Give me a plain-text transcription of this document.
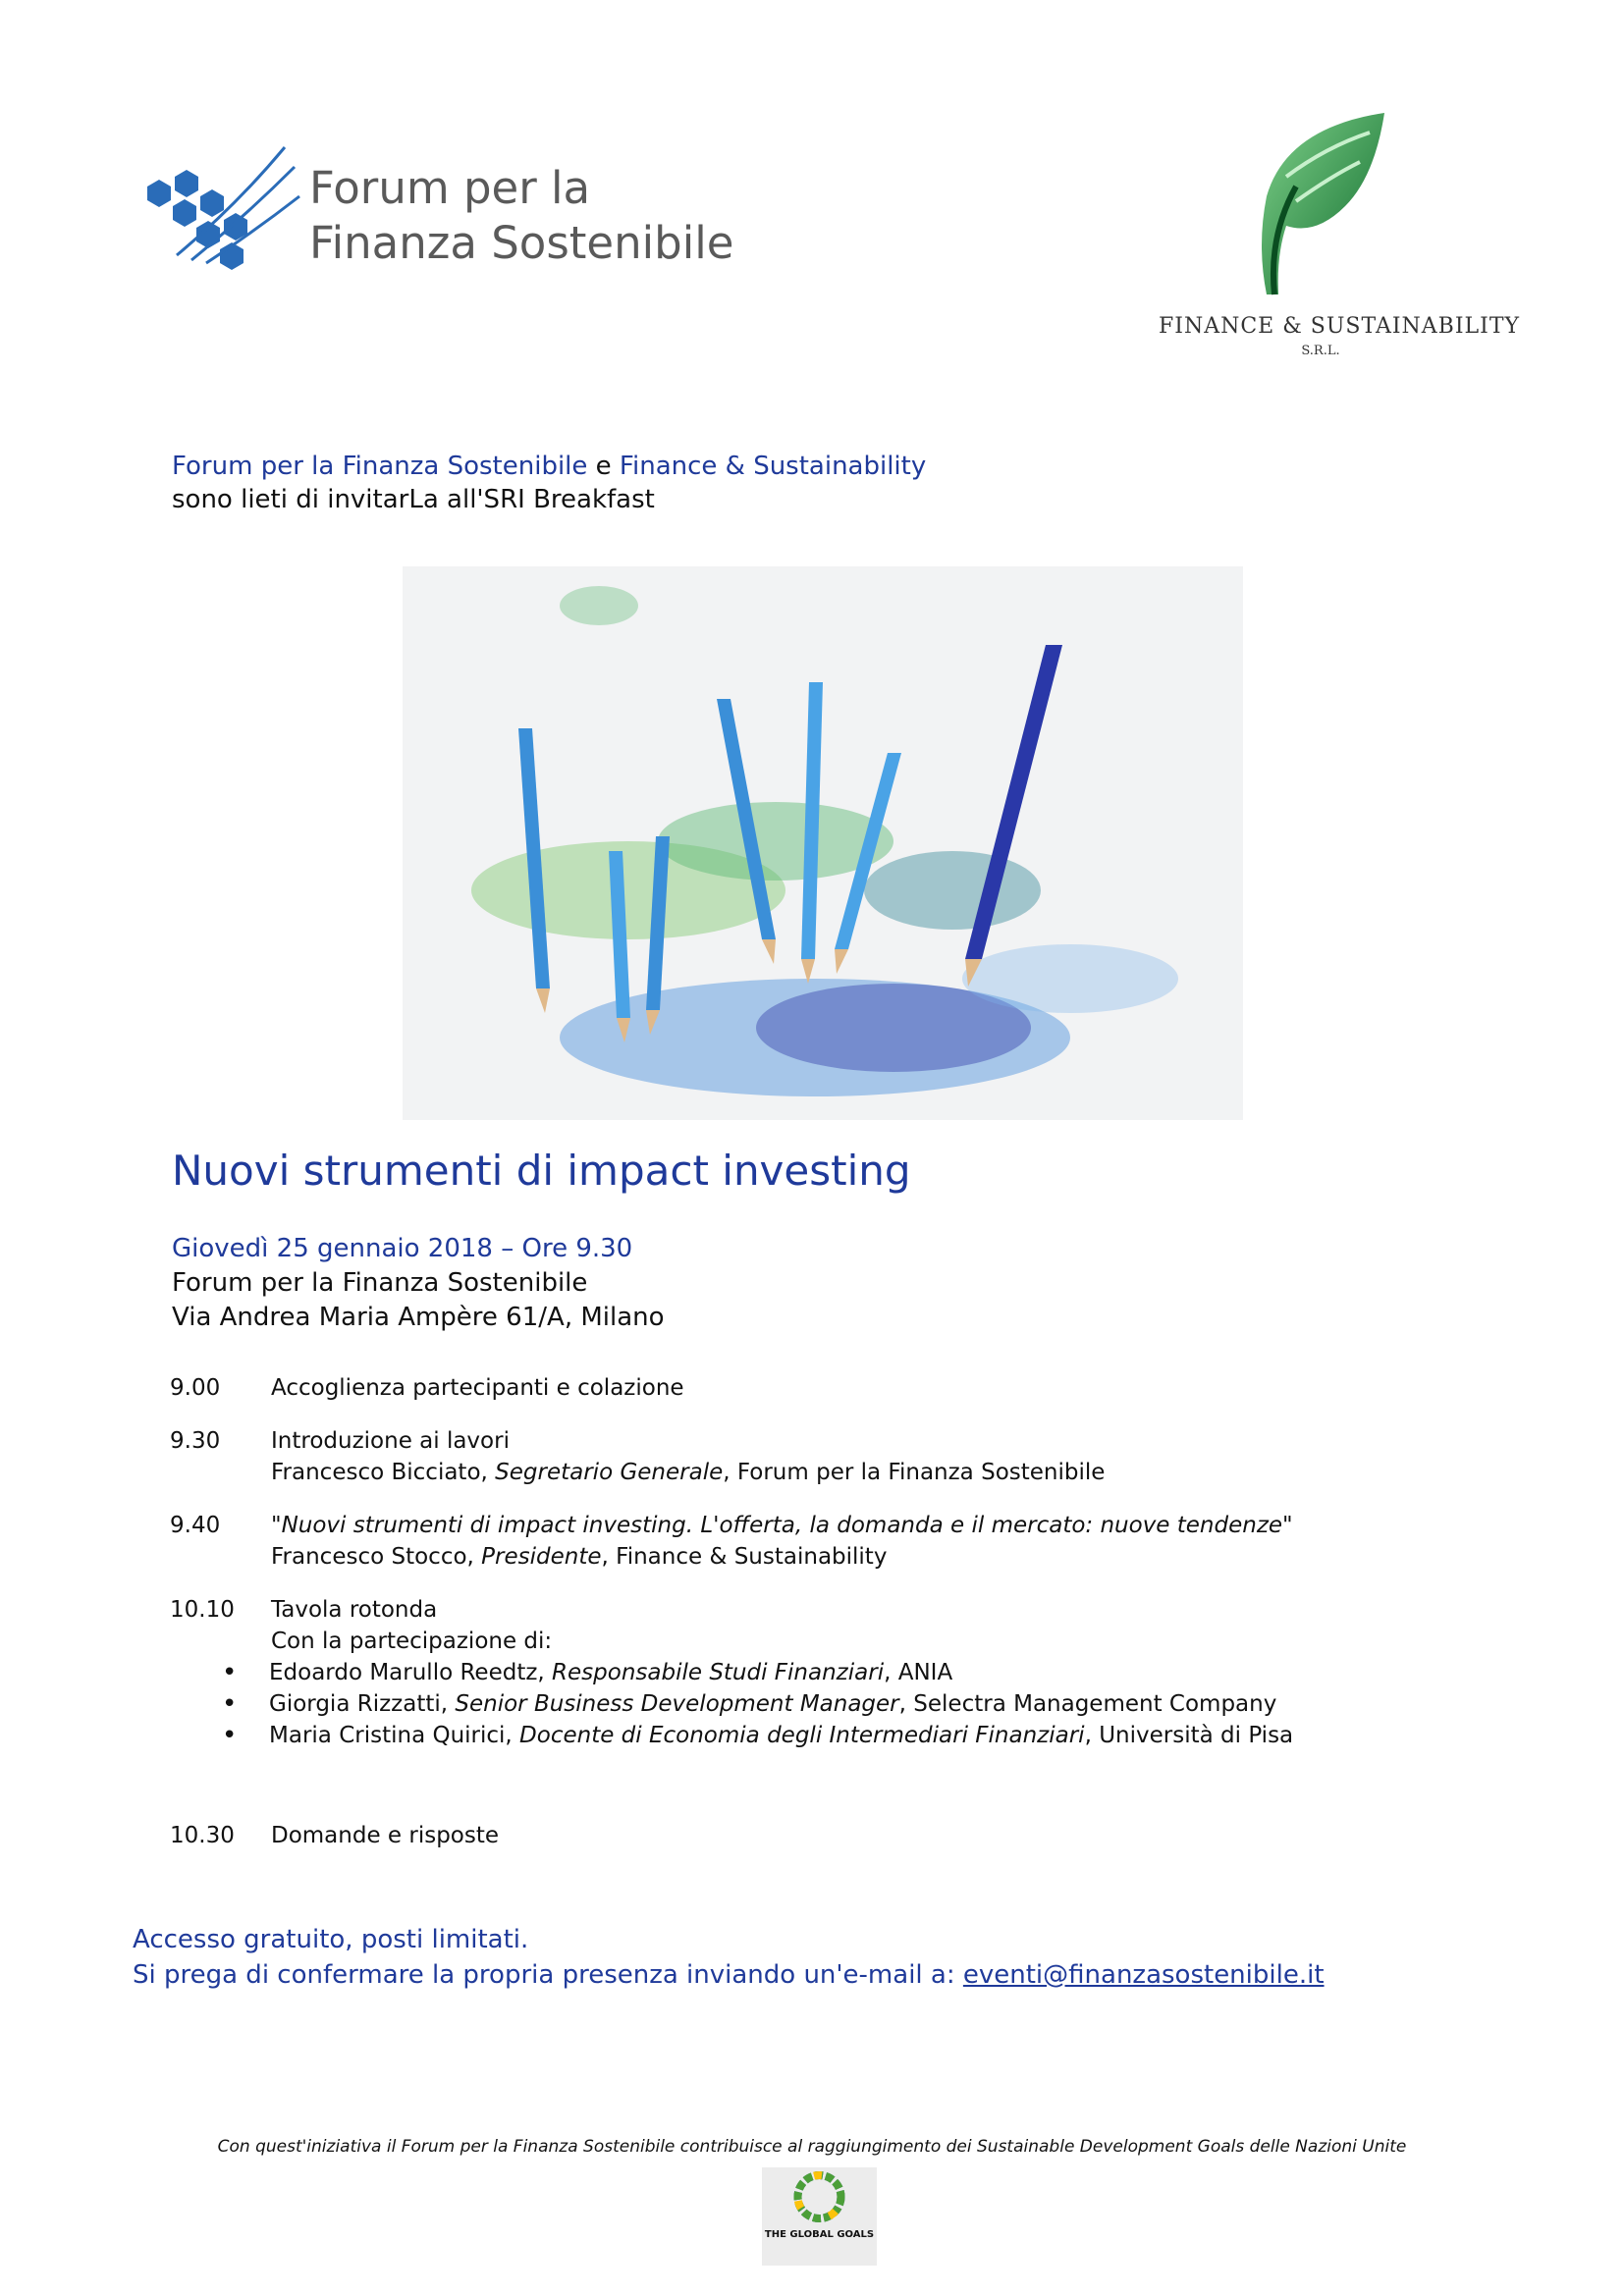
Forum per la
Finanza Sostenibile
FINANCE & SUSTAINABILITY
S.R.L.
Forum per la Finanza Sostenibile e Finance & Sustainability
sono lieti di invitarLa all'SRI Breakfast
Nuovi strumenti di impact investing
Giovedì 25 gennaio 2018 – Ore 9.30
Forum per la Finanza Sostenibile
Via Andrea Maria Ampère 61/A, Milano
9.00	Accoglienza partecipanti e colazione
9.30	Introduzione ai lavori
Francesco Bicciato, Segretario Generale, Forum per la Finanza Sostenibile
9.40	"Nuovi strumenti di impact investing. L'offerta, la domanda e il mercato: nuove tendenze"
Francesco Stocco, Presidente, Finance & Sustainability
10.10	Tavola rotonda
Con la partecipazione di:
• Edoardo Marullo Reedtz, Responsabile Studi Finanziari, ANIA
• Giorgia Rizzatti, Senior Business Development Manager, Selectra Management Company
• Maria Cristina Quirici, Docente di Economia degli Intermediari Finanziari, Università di Pisa
10.30	Domande e risposte
Accesso gratuito, posti limitati.
Si prega di confermare la propria presenza inviando un'e-mail a: eventi@finanzasostenibile.it
Con quest'iniziativa il Forum per la Finanza Sostenibile contribuisce al raggiungimento dei Sustainable Development Goals delle Nazioni Unite
THE GLOBAL GOALS
